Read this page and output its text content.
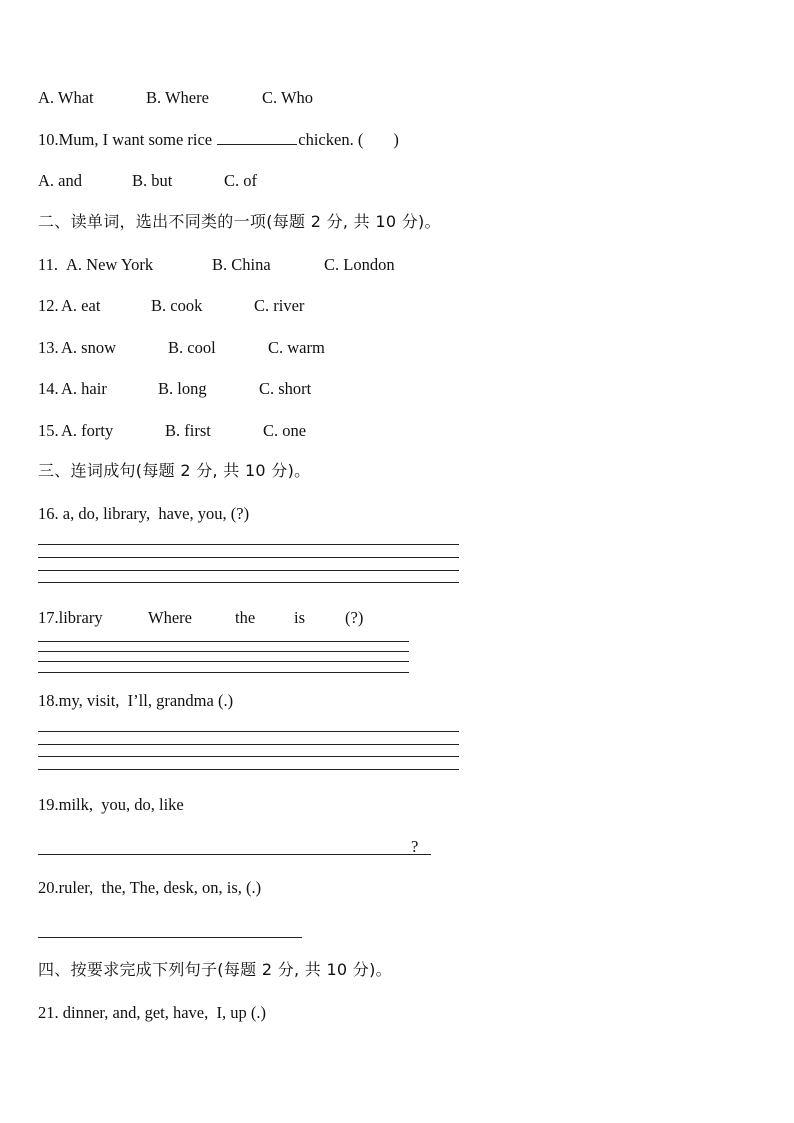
A. What	B. Where	C. Who
10.Mum, I want some rice	chicken. ( )
A. and	B. but	C. of
二、读单词，选出不同类的一项(每题 2 分, 共 10 分)。
11. A. New York	B. China	C. London
12. A. eat	B. cook	C. river
13. A. snow	B. cool	C. warm
14. A. hair	B. long	C. short
15. A. forty	B. first	C. one
三、连词成句(每题 2 分, 共 10 分)。
16. a, do, library,  have, you, (?)
17.library	Where	the is (?)
18.my, visit,  I’ll, grandma (.)
19.milk,  you, do, like
?
20.ruler,  the, The, desk, on, is, (.)
四、按要求完成下列句子(每题 2 分, 共 10 分)。
21. dinner, and, get, have,  I, up (.)
